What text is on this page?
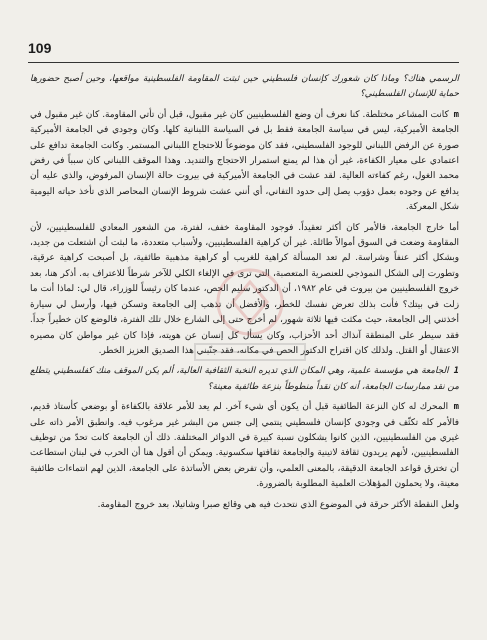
109

الرسمي هناك؟ وماذا كان شعورك كإنسان فلسطيني حين ثبتت المقاومة الفلسطينية مواقعها، وحين أصبح حضورها حماية للإنسان الفلسطيني؟

m كانت المشاعر مختلطة. كنا نعرف أن وضع الفلسطينيين كان غير مقبول، قبل أن تأتي المقاومة. كان غير مقبول في الجامعة الأميركية، ليس في سياسة الجامعة فقط بل في السياسة اللبنانية كلها. وكان وجودي في الجامعة الأميركية صورة عن الرفض اللبناني للوجود الفلسطيني، فقد كان موضوعاً للاحتجاج اللبناني المستمر. وكانت الجامعة تدافع على اعتمادي على معيار الكفاءة، غير أن هذا لم يمنع استمرار الاحتجاج والتنديد. وهذا الموقف اللبناني كان سبباً في رفض محمد الغول، رغم كفاءته العالية. لقد عشت في الجامعة الأميركية في بيروت حالة الإنسان المرفوض، والذي عليه أن يدافع عن وجوده بعمل دؤوب يصل إلى حدود التفاني، أي أنني عشت شروط الإنسان المحاصر الذي تأخذ حياته اليومية شكل المعركة.

أما خارج الجامعة، فالأمر كان أكثر تعقيداً. فوجود المقاومة خفف، لفترة، من الشعور المعادي للفلسطينيين، لأن المقاومة وضعت في السوق أموالاً طائلة. غير أن كراهية الفلسطينيين، ولأسباب متعددة، ما لبثت أن اشتعلت من جديد، وبشكل أكثر عنفاً وشراسة. لم تعد المسألة كراهية للغريب أو كراهية مذهبية طائفية، بل أصبحت كراهية عرقية، وتطورت إلى الشكل النموذجي للعنصرية المتعصبة، التي ترى في الإلغاء الكلي للآخر شرطاً للاعتراف به. أذكر هنا، بعد خروج الفلسطينيين من بيروت في عام ١٩٨٢، أن الدكتور سليم الحص، عندما كان رئيساً للوزراء، قال لي: لماذا أنت ما زلت في بيتك؟ فأنت بذلك تعرض نفسك للخطر، والأفضل أن تذهب إلى الجامعة وتسكن فيها، وأرسل لي سيارة أخذتني إلى الجامعة، حيث مكثت فيها ثلاثة شهور، لم أخرج حتى إلى الشارع خلال تلك الفترة، فالوضع كان خطيراً جداً. فقد سيطر على المنطقة آنذاك أحد الأحزاب، وكان يسأل كل إنسان عن هويته، فإذا كان غير مواطن كان مصيره الاعتقال أو القتل. ولذلك كان اقتراح الدكتور الحص في مكانه، فقد جنّبني هذا الصديق العزيز الخطر.

1 الجامعة هي مؤسسة علمية، وهي المكان الذي تديره النخبة الثقافية العالية، ألم يكن الموقف منك كفلسطيني يتطلع من نقد ممارسات الجامعة، أنه كان نقداً منطوطاً بنزعة طائفية معينة؟

m المحرك له كان النزعة الطائفية قبل أن يكون أي شيء آخر. لم يعد للأمر علاقة بالكفاءة أو بوضعي كأستاذ قديم، فالأمر كله تكثّف في وجودي كإنسان فلسطيني ينتمي إلى جنس من البشر غير مرغوب فيه. وانطبق الأمر ذاته على غيري من الفلسطينيين، الذين كانوا يشكلون نسبة كبيرة في الدوائر المختلفة. ذلك أن الجامعة كانت تحدّ من توظيف الفلسطينيين، لأنهم يريدون ثقافة لاتينية والجامعة ثقافتها سكسونية. ويمكن أن أقول هنا أن الحرب في لبنان استطاعت أن تخترق قواعد الجامعة الدقيقة، بالمعنى العلمي، وأن تفرض بعض الأساتذة على الجامعة، الذين لهم انتماءات طائفية معينة، ولا يحملون المؤهلات العلمية المطلوبة بالضرورة.

ولعل النقطة الأكثر حرقة في الموضوع الذي نتحدث فيه هي وقائع صبرا وشاتيلا، بعد خروج المقاومة.
